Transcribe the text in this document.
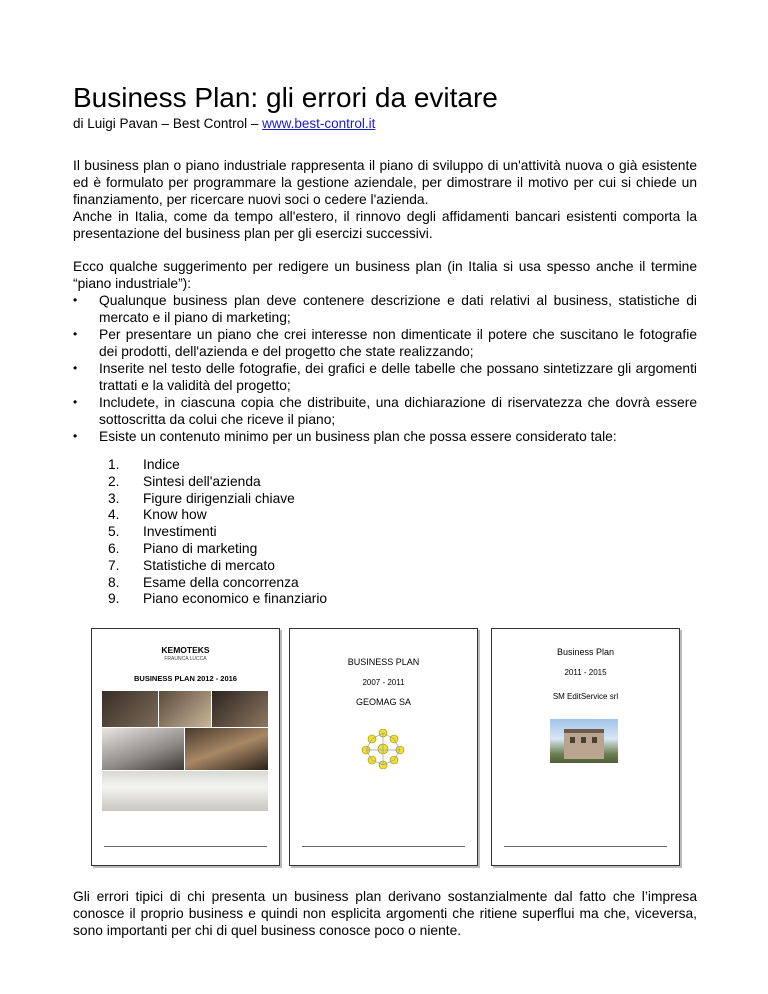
Business Plan: gli errori da evitare
di Luigi Pavan – Best Control – www.best-control.it

Il business plan o piano industriale rappresenta il piano di sviluppo di un'attività nuova o già esistente ed è formulato per programmare la gestione aziendale, per dimostrare il motivo per cui si chiede un finanziamento, per ricercare nuovi soci o cedere l'azienda.

Anche in Italia, come da tempo all'estero, il rinnovo degli affidamenti bancari esistenti comporta la presentazione del business plan per gli esercizi successivi.

Ecco qualche suggerimento per redigere un business plan (in Italia si usa spesso anche il termine “piano industriale”):

• Qualunque business plan deve contenere descrizione e dati relativi al business, statistiche di mercato e il piano di marketing;
• Per presentare un piano che crei interesse non dimenticate il potere che suscitano le fotografie dei prodotti, dell'azienda e del progetto che state realizzando;
• Inserite nel testo delle fotografie, dei grafici e delle tabelle che possano sintetizzare gli argomenti trattati e la validità del progetto;
• Includete, in ciascuna copia che distribuite, una dichiarazione di riservatezza che dovrà essere sottoscritta da colui che riceve il piano;
• Esiste un contenuto minimo per un business plan che possa essere considerato tale:
1.	Indice
2.	Sintesi dell'azienda
3.	Figure dirigenziali chiave
4.	Know how
5.	Investimenti
6.	Piano di marketing
7.	Statistiche di mercato
8.	Esame della concorrenza
9.	Piano economico e finanziario
KEMOTEKS
FRAUNCA LUCCA
BUSINESS PLAN 2012 - 2016
BUSINESS PLAN
2007 - 2011
GEOMAG SA
Business Plan
2011 - 2015
SM EditService srl

Gli errori tipici di chi presenta un business plan derivano sostanzialmente dal fatto che l’impresa conosce il proprio business e quindi non esplicita argomenti che ritiene superflui ma che, viceversa, sono importanti per chi di quel business conosce poco o niente.
